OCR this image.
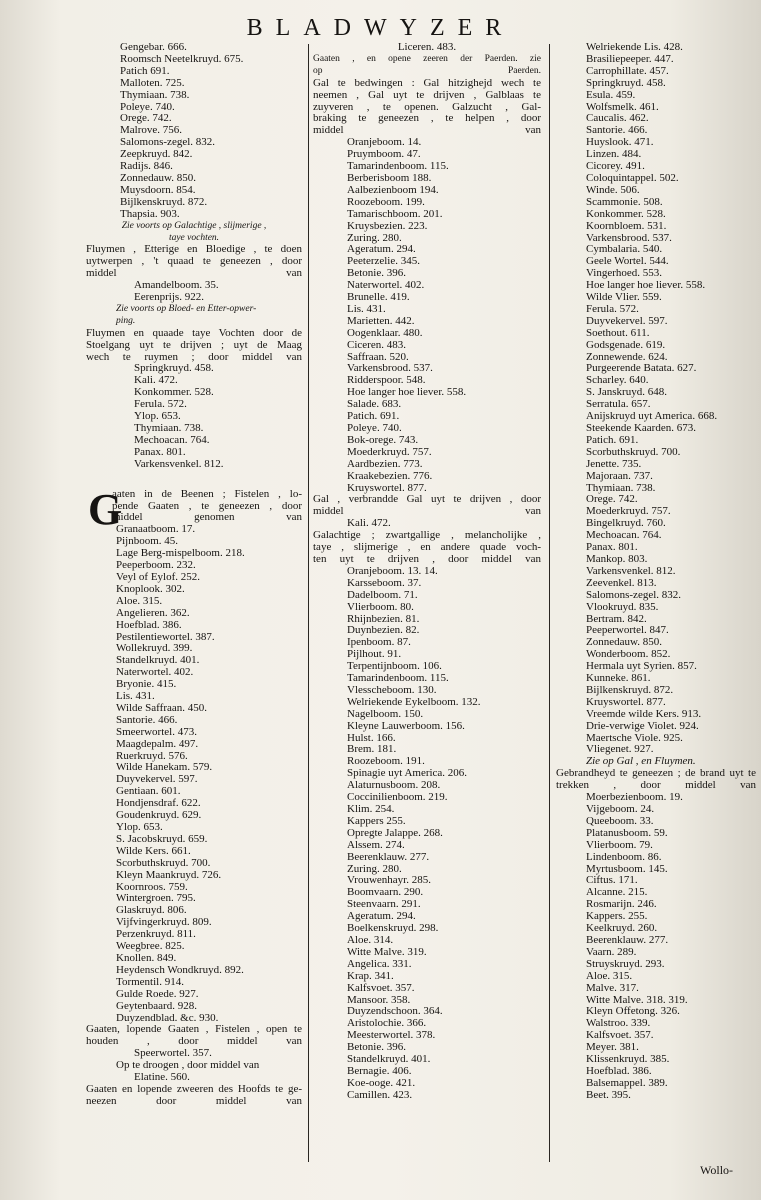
BLADWYZER
Gengebar. 666.
Roomsch Neetelkruyd. 675.
Patich 691.
Malloten. 725.
Thymiaan. 738.
Poleye. 740.
Orege. 742.
Malrove. 756.
Salomons-zegel. 832.
Zeepkruyd. 842.
Radijs. 846.
Zonnedauw. 850.
Muysdoorn. 854.
Bijlkenskruyd. 872.
Thapsia. 903.
Zie voorts op Galachtige , slijmerige ,
taye vochten.
Fluymen , Etterige en Bloedige , te doen
uytwerpen , 't quaad te geneezen , door
middel van
Amandelboom. 35.
Eerenprijs. 922.
Zie voorts op Bloed- en Etter-opwer-
ping.
Fluymen en quaade taye Vochten door de
Stoelgang uyt te drijven ; uyt de Maag
wech te ruymen ; door middel van
Springkruyd. 458.
Kali. 472.
Konkommer. 528.
Ferula. 572.
Ylop. 653.
Thymiaan. 738.
Mechoacan. 764.
Panax. 801.
Varkensvenkel. 812.
G
aaten in de Beenen ; Fistelen , lo-
pende Gaaten , te geneezen , door
middel genomen van
Granaatboom. 17.
Pijnboom. 45.
Lage Berg-mispelboom. 218.
Peeperboom. 232.
Veyl of Eylof. 252.
Knoplook. 302.
Aloe. 315.
Angelieren. 362.
Hoefblad. 386.
Pestilentiewortel. 387.
Wollekruyd. 399.
Standelkruyd. 401.
Naterwortel. 402.
Bryonie. 415.
Lis. 431.
Wilde Saffraan. 450.
Santorie. 466.
Smeerwortel. 473.
Maagdepalm. 497.
Ruerkruyd. 576.
Wilde Hanekam. 579.
Duyvekervel. 597.
Gentiaan. 601.
Hondjensdraf. 622.
Goudenkruyd. 629.
Ylop. 653.
S. Jacobskruyd. 659.
Wilde Kers. 661.
Scorbuthskruyd. 700.
Kleyn Maankruyd. 726.
Koornroos. 759.
Wintergroen. 795.
Glaskruyd. 806.
Vijfvingerkruyd. 809.
Perzenkruyd. 811.
Weegbree. 825.
Knollen. 849.
Heydensch Wondkruyd. 892.
Tormentil. 914.
Gulde Roede. 927.
Geytenbaard. 928.
Duyzendblad. &c. 930.
Gaaten, lopende Gaaten , Fistelen , open te
houden , door middel van
Speerwortel. 357.
Op te droogen , door middel van
Elatine. 560.
Gaaten en lopende zweeren des Hoofds te ge-
neezen door middel van
Liceren. 483.
Gaaten , en opene zeeren der Paerden. zie
op Paerden.
Gal te bedwingen : Gal hitzighejd wech te
neemen , Gal uyt te drijven , Galblaas te
zuyveren , te openen. Galzucht , Gal-
braking te geneezen , te helpen , door
middel van
Oranjeboom. 14.
Pruymboom. 47.
Tamarindenboom. 115.
Berberisboom 188.
Aalbezienboom 194.
Roozeboom. 199.
Tamarischboom. 201.
Kruysbezien. 223.
Zuring. 280.
Ageratum. 294.
Peeterzelie. 345.
Betonie. 396.
Naterwortel. 402.
Brunelle. 419.
Lis. 431.
Marietten. 442.
Oogenklaar. 480.
Ciceren. 483.
Saffraan. 520.
Varkensbrood. 537.
Ridderspoor. 548.
Hoe langer hoe liever. 558.
Salade. 683.
Patich. 691.
Poleye. 740.
Bok-orege. 743.
Moederkruyd. 757.
Aardbezien. 773.
Kraakebezien. 776.
Kruyswortel. 877.
Gal , verbrandde Gal uyt te drijven , door
middel van
Kali. 472.
Galachtige ; zwartgallige , melancholijke ,
taye , slijmerige , en andere quade voch-
ten uyt te drijven , door middel van
Oranjeboom. 13. 14.
Karsseboom. 37.
Dadelboom. 71.
Vlierboom. 80.
Rhijnbezien. 81.
Duynbezien. 82.
Ipenboom. 87.
Pijlhout. 91.
Terpentijnboom. 106.
Tamarindenboom. 115.
Vlesscheboom. 130.
Welriekende Eykelboom. 132.
Nagelboom. 150.
Kleyne Lauwerboom. 156.
Hulst. 166.
Brem. 181.
Roozeboom. 191.
Spinagie uyt America. 206.
Alaturnusboom. 208.
Coccinilienboom. 219.
Klim. 254.
Kappers 255.
Opregte Jalappe. 268.
Alssem. 274.
Beerenklauw. 277.
Zuring. 280.
Vrouwenhayr. 285.
Boomvaarn. 290.
Steenvaarn. 291.
Ageratum. 294.
Boelkenskruyd. 298.
Aloe. 314.
Witte Malve. 319.
Angelica. 331.
Krap. 341.
Kalfsvoet. 357.
Mansoor. 358.
Duyzendschoon. 364.
Aristolochie. 366.
Meesterwortel. 378.
Betonie. 396.
Standelkruyd. 401.
Bernagie. 406.
Koe-ooge. 421.
Camillen. 423.
Welriekende Lis. 428.
Brasiliepeeper. 447.
Carrophillate. 457.
Springkruyd. 458.
Esula. 459.
Wolfsmelk. 461.
Caucalis. 462.
Santorie. 466.
Huyslook. 471.
Linzen. 484.
Cicorey. 491.
Coloquintappel. 502.
Winde. 506.
Scammonie. 508.
Konkommer. 528.
Koornbloem. 531.
Varkensbrood. 537.
Cymbalaria. 540.
Geele Wortel. 544.
Vingerhoed. 553.
Hoe langer hoe liever. 558.
Wilde Vlier. 559.
Ferula. 572.
Duyvekervel. 597.
Soethout. 611.
Godsgenade. 619.
Zonnewende. 624.
Purgeerende Batata. 627.
Scharley. 640.
S. Janskruyd. 648.
Serratula. 657.
Anijskruyd uyt America. 668.
Steekende Kaarden. 673.
Patich. 691.
Scorbuthskruyd. 700.
Jenette. 735.
Majoraan. 737.
Thymiaan. 738.
Orege. 742.
Moederkruyd. 757.
Bingelkruyd. 760.
Mechoacan. 764.
Panax. 801.
Mankop. 803.
Varkensvenkel. 812.
Zeevenkel. 813.
Salomons-zegel. 832.
Vlookruyd. 835.
Bertram. 842.
Peeperwortel. 847.
Zonnedauw. 850.
Wonderboom. 852.
Hermala uyt Syrien. 857.
Kunneke. 861.
Bijlkenskruyd. 872.
Kruyswortel. 877.
Vreemde wilde Kers. 913.
Drie-verwige Violet. 924.
Maertsche Viole. 925.
Vliegenet. 927.
Zie op Gal , en Fluymen.
Gebrandheyd te geneezen ; de brand uyt te
trekken , door middel van
Moerbezienboom. 19.
Vijgeboom. 24.
Queeboom. 33.
Platanusboom. 59.
Vlierboom. 79.
Lindenboom. 86.
Myrtusboom. 145.
Ciftus. 171.
Alcanne. 215.
Rosmarijn. 246.
Kappers. 255.
Keelkruyd. 260.
Beerenklauw. 277.
Vaarn. 289.
Struyskruyd. 293.
Aloe. 315.
Malve. 317.
Witte Malve. 318. 319.
Kleyn Offetong. 326.
Walstroo. 339.
Kalfsvoet. 357.
Meyer. 381.
Klissenkruyd. 385.
Hoefblad. 386.
Balsemappel. 389.
Beet. 395.
Wollo-
